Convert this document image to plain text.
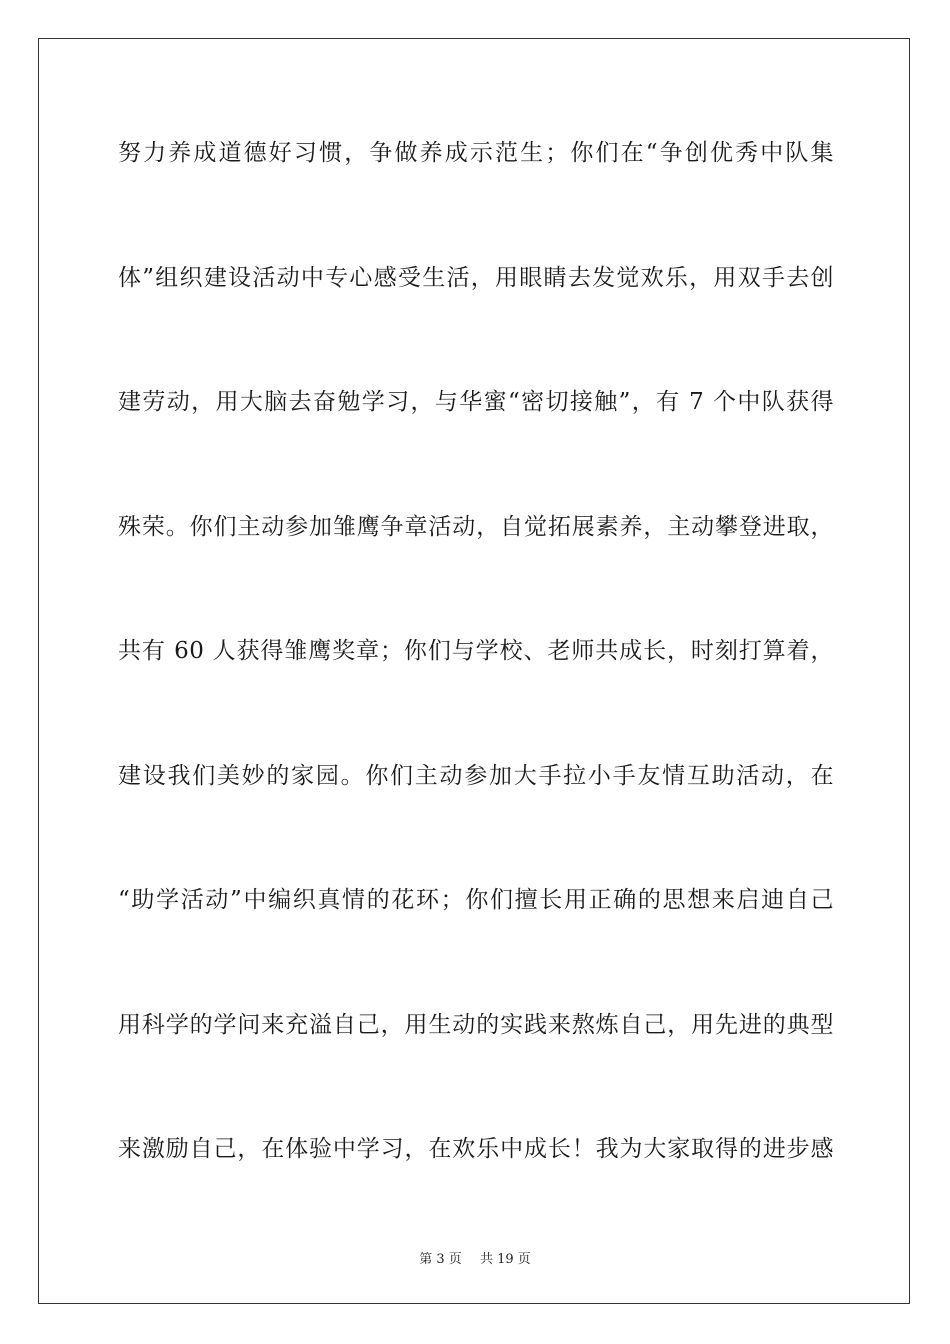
努力养成道德好习惯，争做养成示范生；你们在“争创优秀中队集
体”组织建设活动中专心感受生活，用眼睛去发觉欢乐，用双手去创
建劳动，用大脑去奋勉学习，与华蜜“密切接触”，有 7 个中队获得
殊荣。你们主动参加雏鹰争章活动，自觉拓展素养，主动攀登进取，
共有 60 人获得雏鹰奖章；你们与学校、老师共成长，时刻打算着，
建设我们美妙的家园。你们主动参加大手拉小手友情互助活动，在
“助学活动”中编织真情的花环；你们擅长用正确的思想来启迪自己
用科学的学问来充溢自己，用生动的实践来熬炼自己，用先进的典型
来激励自己，在体验中学习，在欢乐中成长！我为大家取得的进步感
第 3 页 共 19 页
